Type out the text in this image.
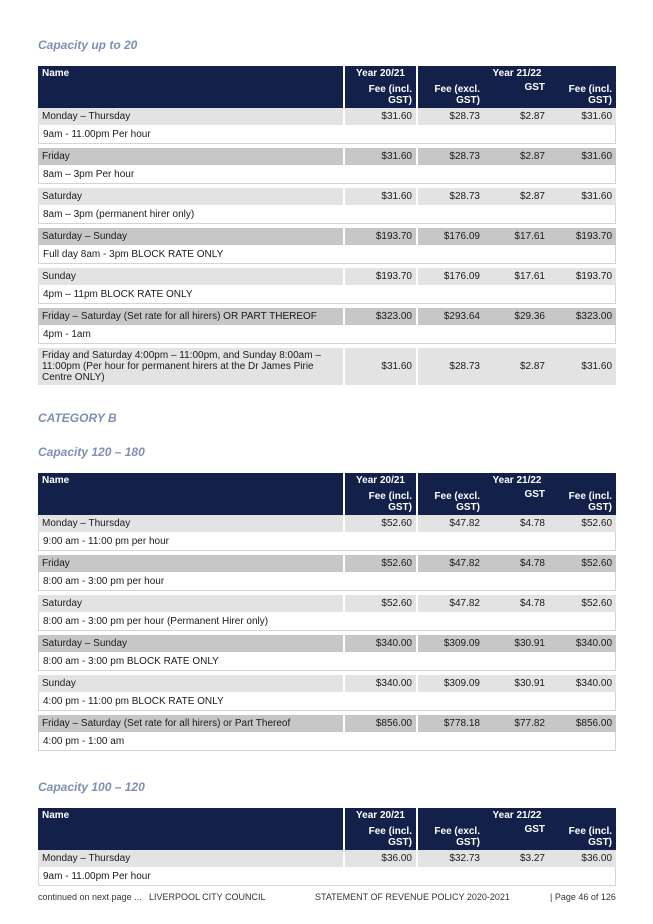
Capacity up to 20
Name	Year 20/21	Year 21/22		
	Fee (incl. GST)	Fee (excl. GST)	GST	Fee (incl. GST)
Monday – Thursday	$31.60	$28.73	$2.87	$31.60
9am - 11.00pm Per hour				

Friday	$31.60	$28.73	$2.87	$31.60
8am – 3pm Per hour				

Saturday	$31.60	$28.73	$2.87	$31.60
8am – 3pm (permanent hirer only)				

Saturday – Sunday	$193.70	$176.09	$17.61	$193.70
Full day 8am - 3pm BLOCK RATE ONLY				

Sunday	$193.70	$176.09	$17.61	$193.70
4pm – 11pm BLOCK RATE ONLY				

Friday – Saturday (Set rate for all hirers) OR PART THEREOF	$323.00	$293.64	$29.36	$323.00
4pm - 1am				

Friday and Saturday 4:00pm – 11:00pm, and Sunday 8:00am – 11:00pm (Per hour for permanent hirers at the Dr James Pirie Centre ONLY)	$31.60	$28.73	$2.87	$31.60
CATEGORY B
Capacity 120 – 180
Name	Year 20/21	Year 21/22		
	Fee (incl. GST)	Fee (excl. GST)	GST	Fee (incl. GST)
Monday – Thursday	$52.60	$47.82	$4.78	$52.60
9:00 am - 11:00 pm per hour				

Friday	$52.60	$47.82	$4.78	$52.60
8:00 am - 3:00 pm per hour				

Saturday	$52.60	$47.82	$4.78	$52.60
8:00 am - 3:00 pm per hour (Permanent Hirer only)				

Saturday – Sunday	$340.00	$309.09	$30.91	$340.00
8:00 am - 3:00 pm BLOCK RATE ONLY				

Sunday	$340.00	$309.09	$30.91	$340.00
4:00 pm - 11:00 pm BLOCK RATE ONLY				

Friday – Saturday (Set rate for all hirers) or Part Thereof	$856.00	$778.18	$77.82	$856.00
4:00 pm - 1:00 am				
Capacity 100 – 120
Name	Year 20/21	Year 21/22		
	Fee (incl. GST)	Fee (excl. GST)	GST	Fee (incl. GST)
Monday – Thursday	$36.00	$32.73	$3.27	$36.00
9am - 11.00pm Per hour				
continued on next page ... LIVERPOOL CITY COUNCIL	STATEMENT OF REVENUE POLICY 2020-2021	| Page 46 of 126
